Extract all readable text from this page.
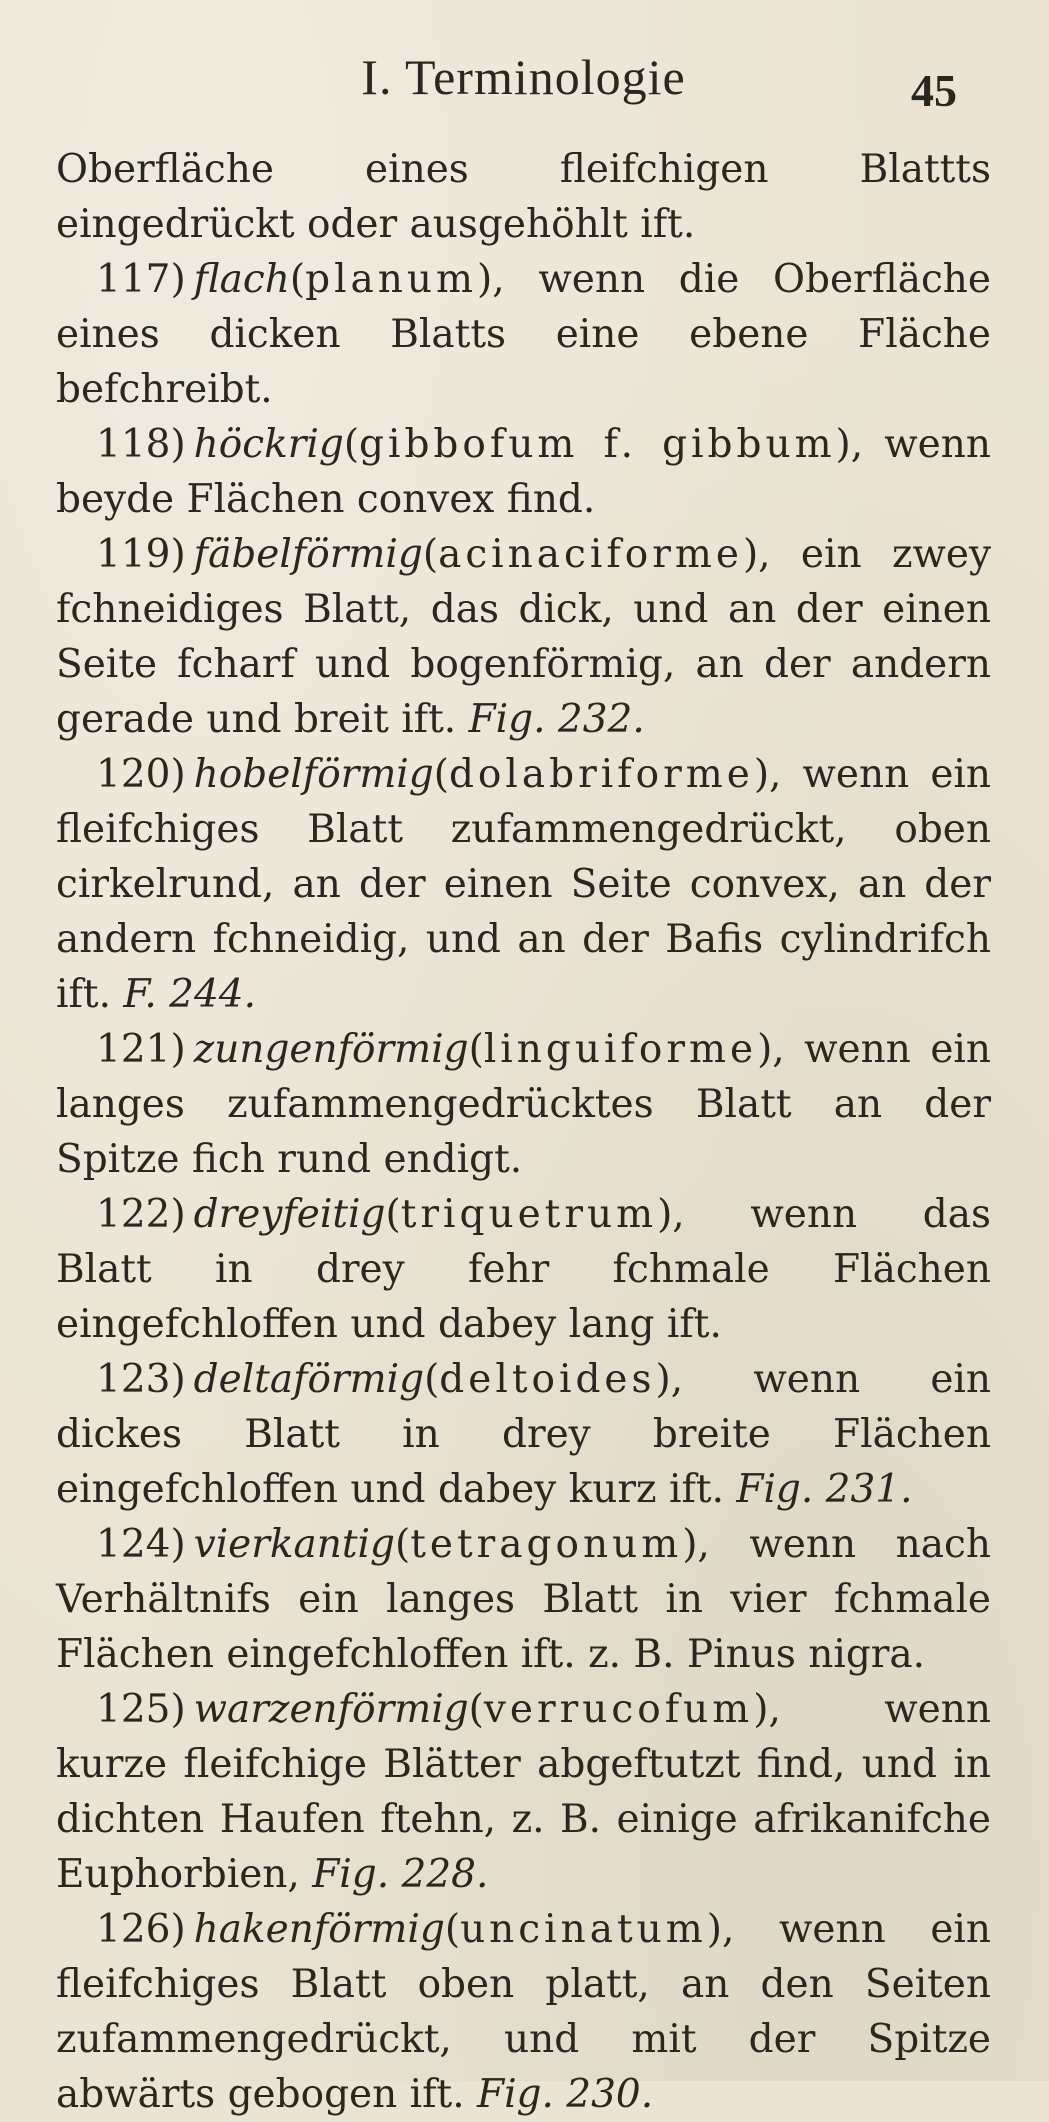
I. Terminologie	45

Oberfläche eines fleifchigen Blattts eingedrückt oder ausgehöhlt ift.

117) flach(planum), wenn die Oberfläche eines dicken Blatts eine ebene Fläche befchreibt.

118) höckrig(gibbofum f. gibbum), wenn beyde Flächen convex find.

119) fäbelförmig(acinaciforme), ein zwey fchneidiges Blatt, das dick, und an der einen Seite fcharf und bogenförmig, an der andern gerade und breit ift. Fig. 232.

120) hobelförmig(dolabriforme), wenn ein fleifchiges Blatt zufammengedrückt, oben cirkelrund, an der einen Seite convex, an der andern fchneidig, und an der Bafis cylindrifch ift. F. 244.

121) zungenförmig(linguiforme), wenn ein langes zufammengedrücktes Blatt an der Spitze fich rund endigt.

122) dreyfeitig(triquetrum), wenn das Blatt in drey fehr fchmale Flächen eingefchloffen und dabey lang ift.

123) deltaförmig(deltoides), wenn ein dickes Blatt in drey breite Flächen eingefchloffen und dabey kurz ift. Fig. 231.

124) vierkantig(tetragonum), wenn nach Verhältnifs ein langes Blatt in vier fchmale Flächen eingefchloffen ift. z. B. Pinus nigra.

125) warzenförmig(verrucofum), wenn kurze fleifchige Blätter abgeftutzt find, und in dichten Haufen ftehn, z. B. einige afrikanifche Euphorbien, Fig. 228.

126) hakenförmig(uncinatum), wenn ein fleifchiges Blatt oben platt, an den Seiten zufammengedrückt, und mit der Spitze abwärts gebogen ift. Fig. 230.
